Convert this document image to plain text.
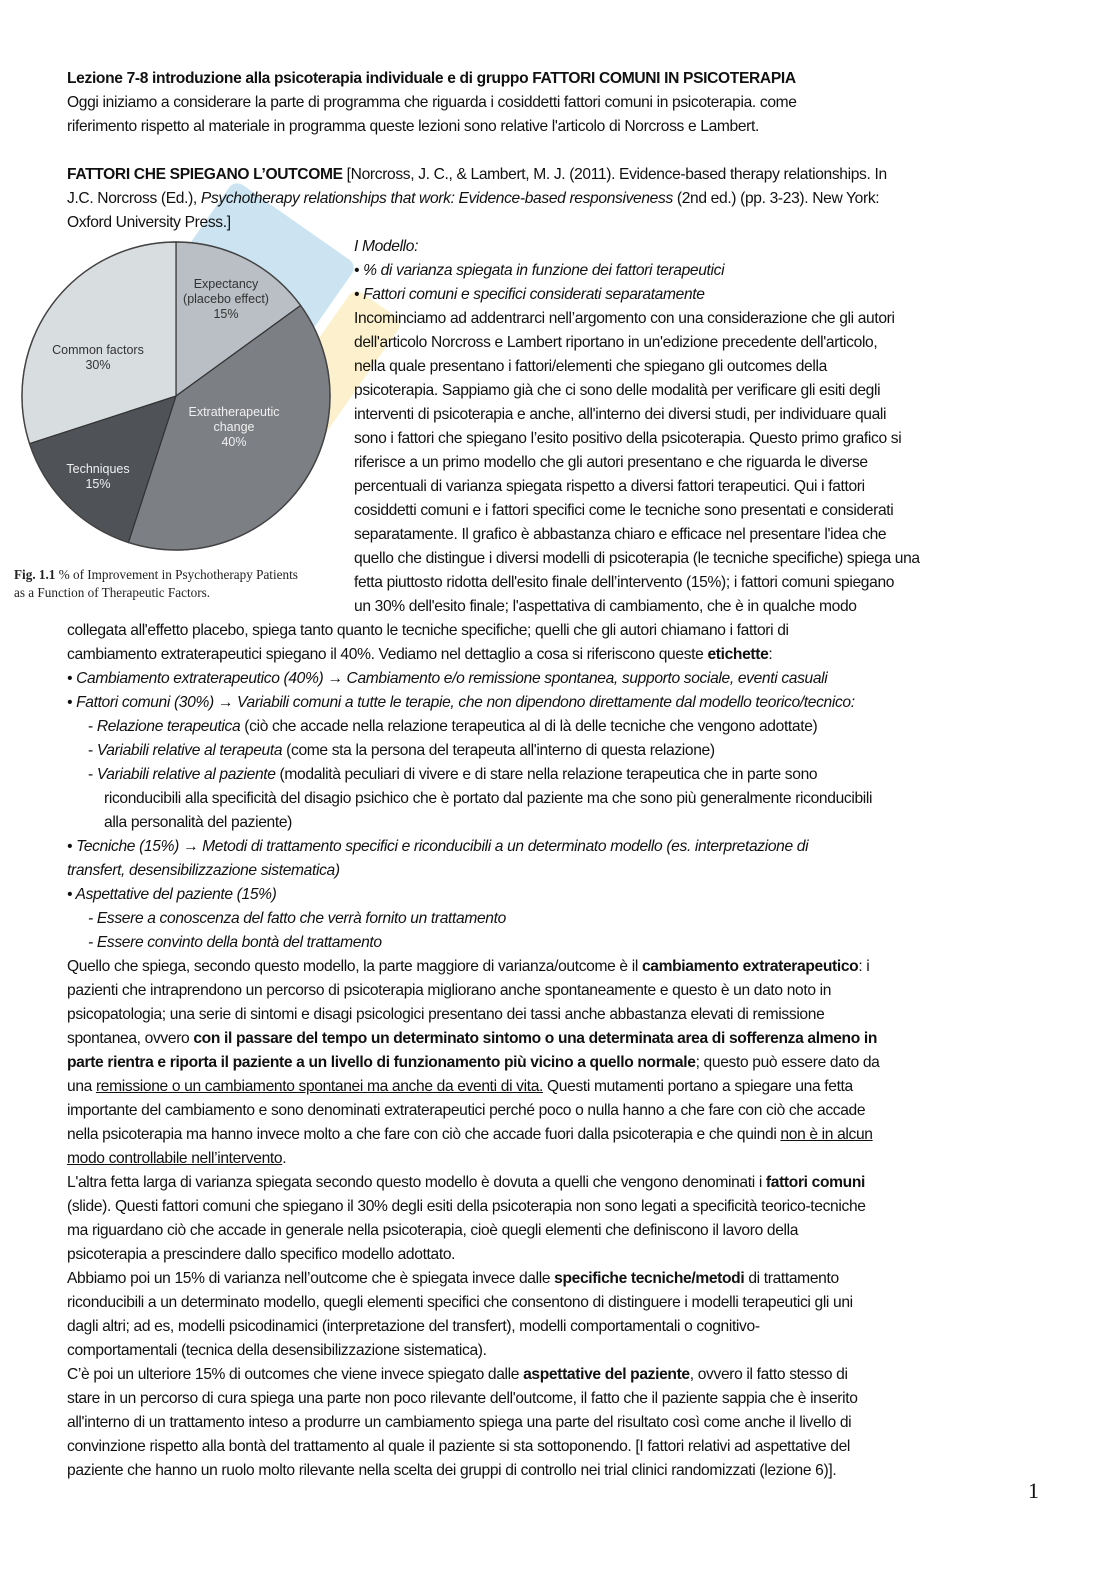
Lezione 7-8 introduzione alla psicoterapia individuale e di gruppo FATTORI COMUNI IN PSICOTERAPIA
Oggi iniziamo a considerare la parte di programma che riguarda i cosiddetti fattori comuni in psicoterapia. come
riferimento rispetto al materiale in programma queste lezioni sono relative l'articolo di Norcross e Lambert.
FATTORI CHE SPIEGANO L’OUTCOME [Norcross, J. C., & Lambert, M. J. (2011). Evidence-based therapy relationships. In
J.C. Norcross (Ed.), Psychotherapy relationships that work: Evidence-based responsiveness (2nd ed.) (pp. 3-23). New York:
Oxford University Press.]
Expectancy (placebo effect) 15%
Extratherapeutic change 40%
Techniques 15%
Common factors 30%
Fig. 1.1 % of Improvement in Psychotherapy Patients
as a Function of Therapeutic Factors.
I Modello:
• % di varianza spiegata in funzione dei fattori terapeutici
• Fattori comuni e specifici considerati separatamente
Incominciamo ad addentrarci nell’argomento con una considerazione che gli autori
dell'articolo Norcross e Lambert riportano in un'edizione precedente dell'articolo,
nella quale presentano i fattori/elementi che spiegano gli outcomes della
psicoterapia. Sappiamo già che ci sono delle modalità per verificare gli esiti degli
interventi di psicoterapia e anche, all'interno dei diversi studi, per individuare quali
sono i fattori che spiegano l’esito positivo della psicoterapia. Questo primo grafico si
riferisce a un primo modello che gli autori presentano e che riguarda le diverse
percentuali di varianza spiegata rispetto a diversi fattori terapeutici. Qui i fattori
cosiddetti comuni e i fattori specifici come le tecniche sono presentati e considerati
separatamente. Il grafico è abbastanza chiaro e efficace nel presentare l'idea che
quello che distingue i diversi modelli di psicoterapia (le tecniche specifiche) spiega una
fetta piuttosto ridotta dell'esito finale dell’intervento (15%); i fattori comuni spiegano
un 30% dell'esito finale; l'aspettativa di cambiamento, che è in qualche modo
collegata all'effetto placebo, spiega tanto quanto le tecniche specifiche; quelli che gli autori chiamano i fattori di
cambiamento extraterapeutici spiegano il 40%. Vediamo nel dettaglio a cosa si riferiscono queste etichette:
• Cambiamento extraterapeutico (40%) → Cambiamento e/o remissione spontanea, supporto sociale, eventi casuali
• Fattori comuni (30%) → Variabili comuni a tutte le terapie, che non dipendono direttamente dal modello teorico/tecnico:
- Relazione terapeutica (ciò che accade nella relazione terapeutica al di là delle tecniche che vengono adottate)
- Variabili relative al terapeuta (come sta la persona del terapeuta all'interno di questa relazione)
- Variabili relative al paziente (modalità peculiari di vivere e di stare nella relazione terapeutica che in parte sono
riconducibili alla specificità del disagio psichico che è portato dal paziente ma che sono più generalmente riconducibili
alla personalità del paziente)
• Tecniche (15%) → Metodi di trattamento specifici e riconducibili a un determinato modello (es. interpretazione di
transfert, desensibilizzazione sistematica)
• Aspettative del paziente (15%)
- Essere a conoscenza del fatto che verrà fornito un trattamento
- Essere convinto della bontà del trattamento
Quello che spiega, secondo questo modello, la parte maggiore di varianza/outcome è il cambiamento extraterapeutico: i
pazienti che intraprendono un percorso di psicoterapia migliorano anche spontaneamente e questo è un dato noto in
psicopatologia; una serie di sintomi e disagi psicologici presentano dei tassi anche abbastanza elevati di remissione
spontanea, ovvero con il passare del tempo un determinato sintomo o una determinata area di sofferenza almeno in
parte rientra e riporta il paziente a un livello di funzionamento più vicino a quello normale; questo può essere dato da
una remissione o un cambiamento spontanei ma anche da eventi di vita. Questi mutamenti portano a spiegare una fetta
importante del cambiamento e sono denominati extraterapeutici perché poco o nulla hanno a che fare con ciò che accade
nella psicoterapia ma hanno invece molto a che fare con ciò che accade fuori dalla psicoterapia e che quindi non è in alcun
modo controllabile nell’intervento.
L'altra fetta larga di varianza spiegata secondo questo modello è dovuta a quelli che vengono denominati i fattori comuni
(slide). Questi fattori comuni che spiegano il 30% degli esiti della psicoterapia non sono legati a specificità teorico-tecniche
ma riguardano ciò che accade in generale nella psicoterapia, cioè quegli elementi che definiscono il lavoro della
psicoterapia a prescindere dallo specifico modello adottato.
Abbiamo poi un 15% di varianza nell’outcome che è spiegata invece dalle specifiche tecniche/metodi di trattamento
riconducibili a un determinato modello, quegli elementi specifici che consentono di distinguere i modelli terapeutici gli uni
dagli altri; ad es, modelli psicodinamici (interpretazione del transfert), modelli comportamentali o cognitivo-
comportamentali (tecnica della desensibilizzazione sistematica).
C’è poi un ulteriore 15% di outcomes che viene invece spiegato dalle aspettative del paziente, ovvero il fatto stesso di
stare in un percorso di cura spiega una parte non poco rilevante dell'outcome, il fatto che il paziente sappia che è inserito
all'interno di un trattamento inteso a produrre un cambiamento spiega una parte del risultato così come anche il livello di
convinzione rispetto alla bontà del trattamento al quale il paziente si sta sottoponendo. [I fattori relativi ad aspettative del
paziente che hanno un ruolo molto rilevante nella scelta dei gruppi di controllo nei trial clinici randomizzati (lezione 6)].
1
